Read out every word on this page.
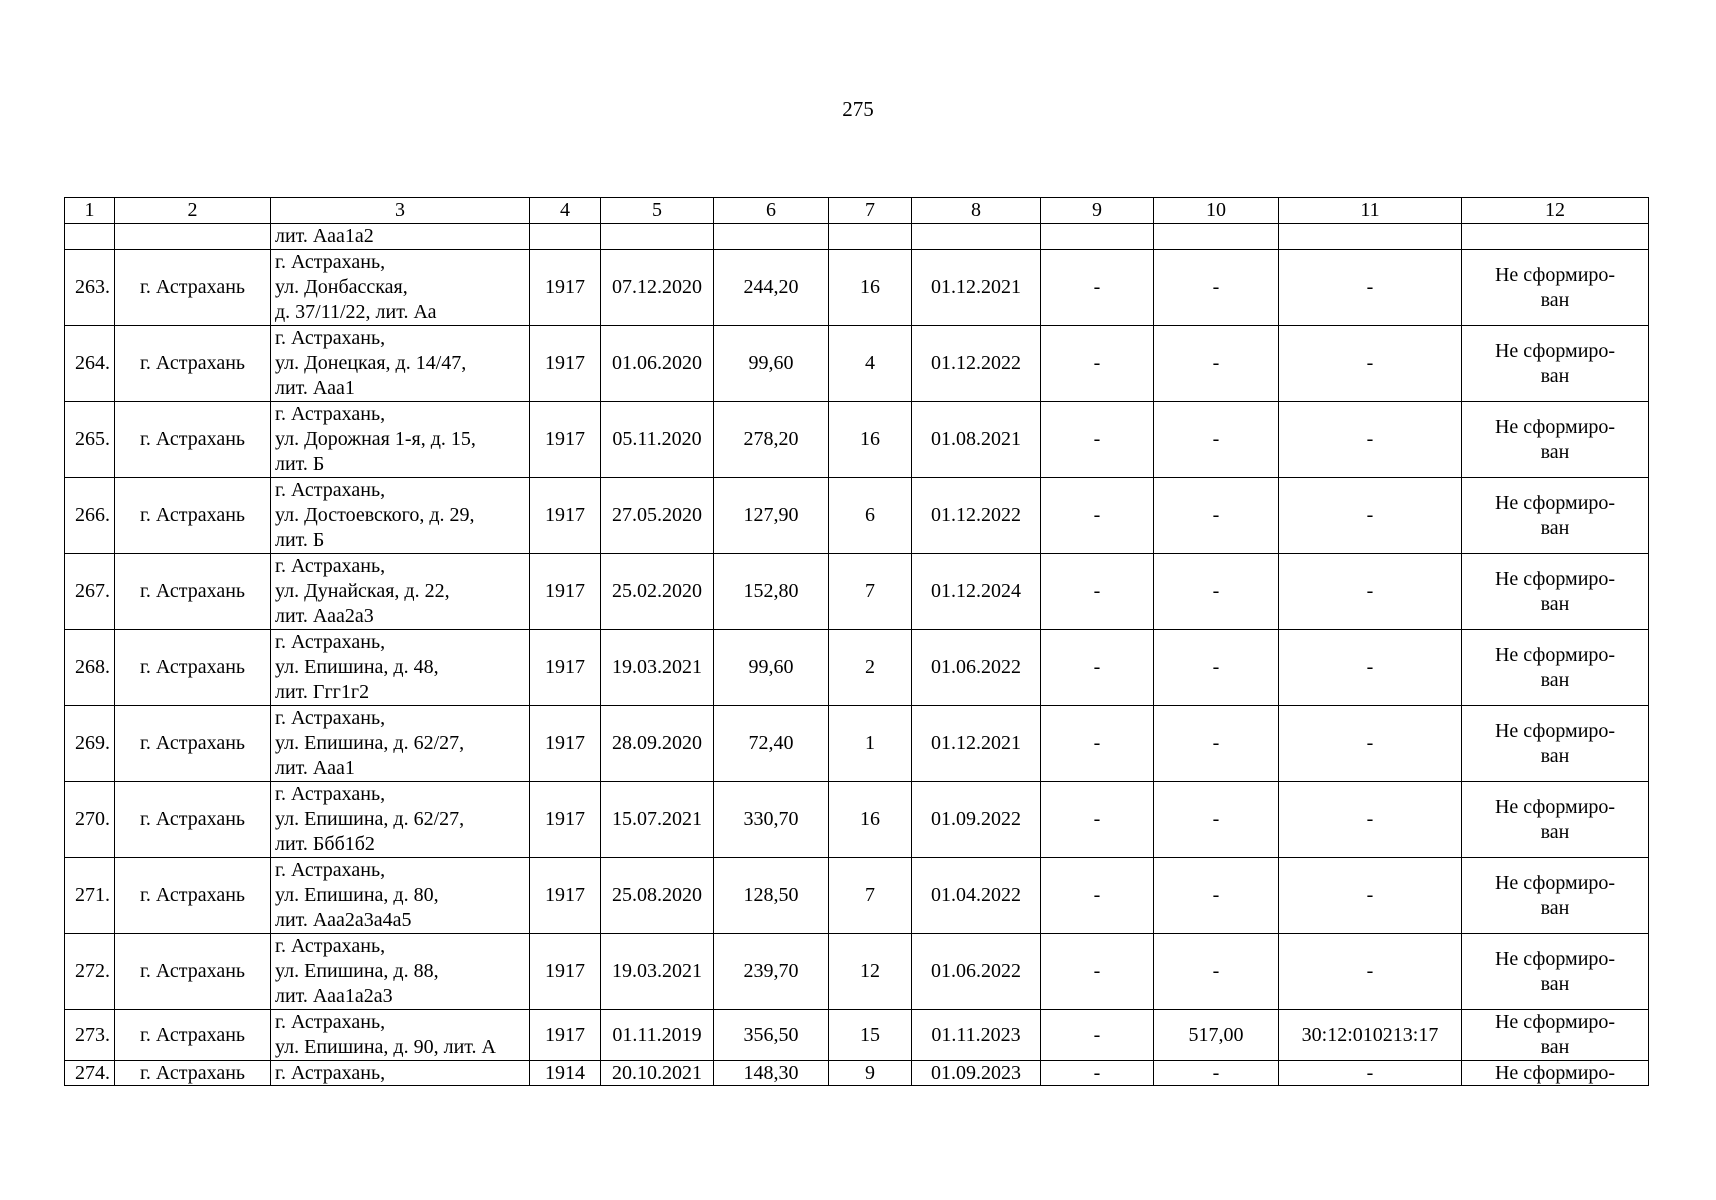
275
1	2	3	4	5	6	7	8	9	10	11	12
		лит. Ааа1а2									
263.	г. Астрахань	г. Астрахань,
ул. Донбасская,
д. 37/11/22, лит. Аа	1917	07.12.2020	244,20	16	01.12.2021	-	-	-	Не сформиро-
ван
264.	г. Астрахань	г. Астрахань,
ул. Донецкая, д. 14/47,
лит. Ааа1	1917	01.06.2020	99,60	4	01.12.2022	-	-	-	Не сформиро-
ван
265.	г. Астрахань	г. Астрахань,
ул. Дорожная 1-я, д. 15,
лит. Б	1917	05.11.2020	278,20	16	01.08.2021	-	-	-	Не сформиро-
ван
266.	г. Астрахань	г. Астрахань,
ул. Достоевского, д. 29,
лит. Б	1917	27.05.2020	127,90	6	01.12.2022	-	-	-	Не сформиро-
ван
267.	г. Астрахань	г. Астрахань,
ул. Дунайская, д. 22,
лит. Ааа2а3	1917	25.02.2020	152,80	7	01.12.2024	-	-	-	Не сформиро-
ван
268.	г. Астрахань	г. Астрахань,
ул. Епишина, д. 48,
лит. Ггг1г2	1917	19.03.2021	99,60	2	01.06.2022	-	-	-	Не сформиро-
ван
269.	г. Астрахань	г. Астрахань,
ул. Епишина, д. 62/27,
лит. Ааа1	1917	28.09.2020	72,40	1	01.12.2021	-	-	-	Не сформиро-
ван
270.	г. Астрахань	г. Астрахань,
ул. Епишина, д. 62/27,
лит. Ббб1б2	1917	15.07.2021	330,70	16	01.09.2022	-	-	-	Не сформиро-
ван
271.	г. Астрахань	г. Астрахань,
ул. Епишина, д. 80,
лит. Ааа2а3а4а5	1917	25.08.2020	128,50	7	01.04.2022	-	-	-	Не сформиро-
ван
272.	г. Астрахань	г. Астрахань,
ул. Епишина, д. 88,
лит. Ааа1а2а3	1917	19.03.2021	239,70	12	01.06.2022	-	-	-	Не сформиро-
ван
273.	г. Астрахань	г. Астрахань,
ул. Епишина, д. 90, лит. А	1917	01.11.2019	356,50	15	01.11.2023	-	517,00	30:12:010213:17	Не сформиро-
ван
274.	г. Астрахань	г. Астрахань,	1914	20.10.2021	148,30	9	01.09.2023	-	-	-	Не сформиро-
